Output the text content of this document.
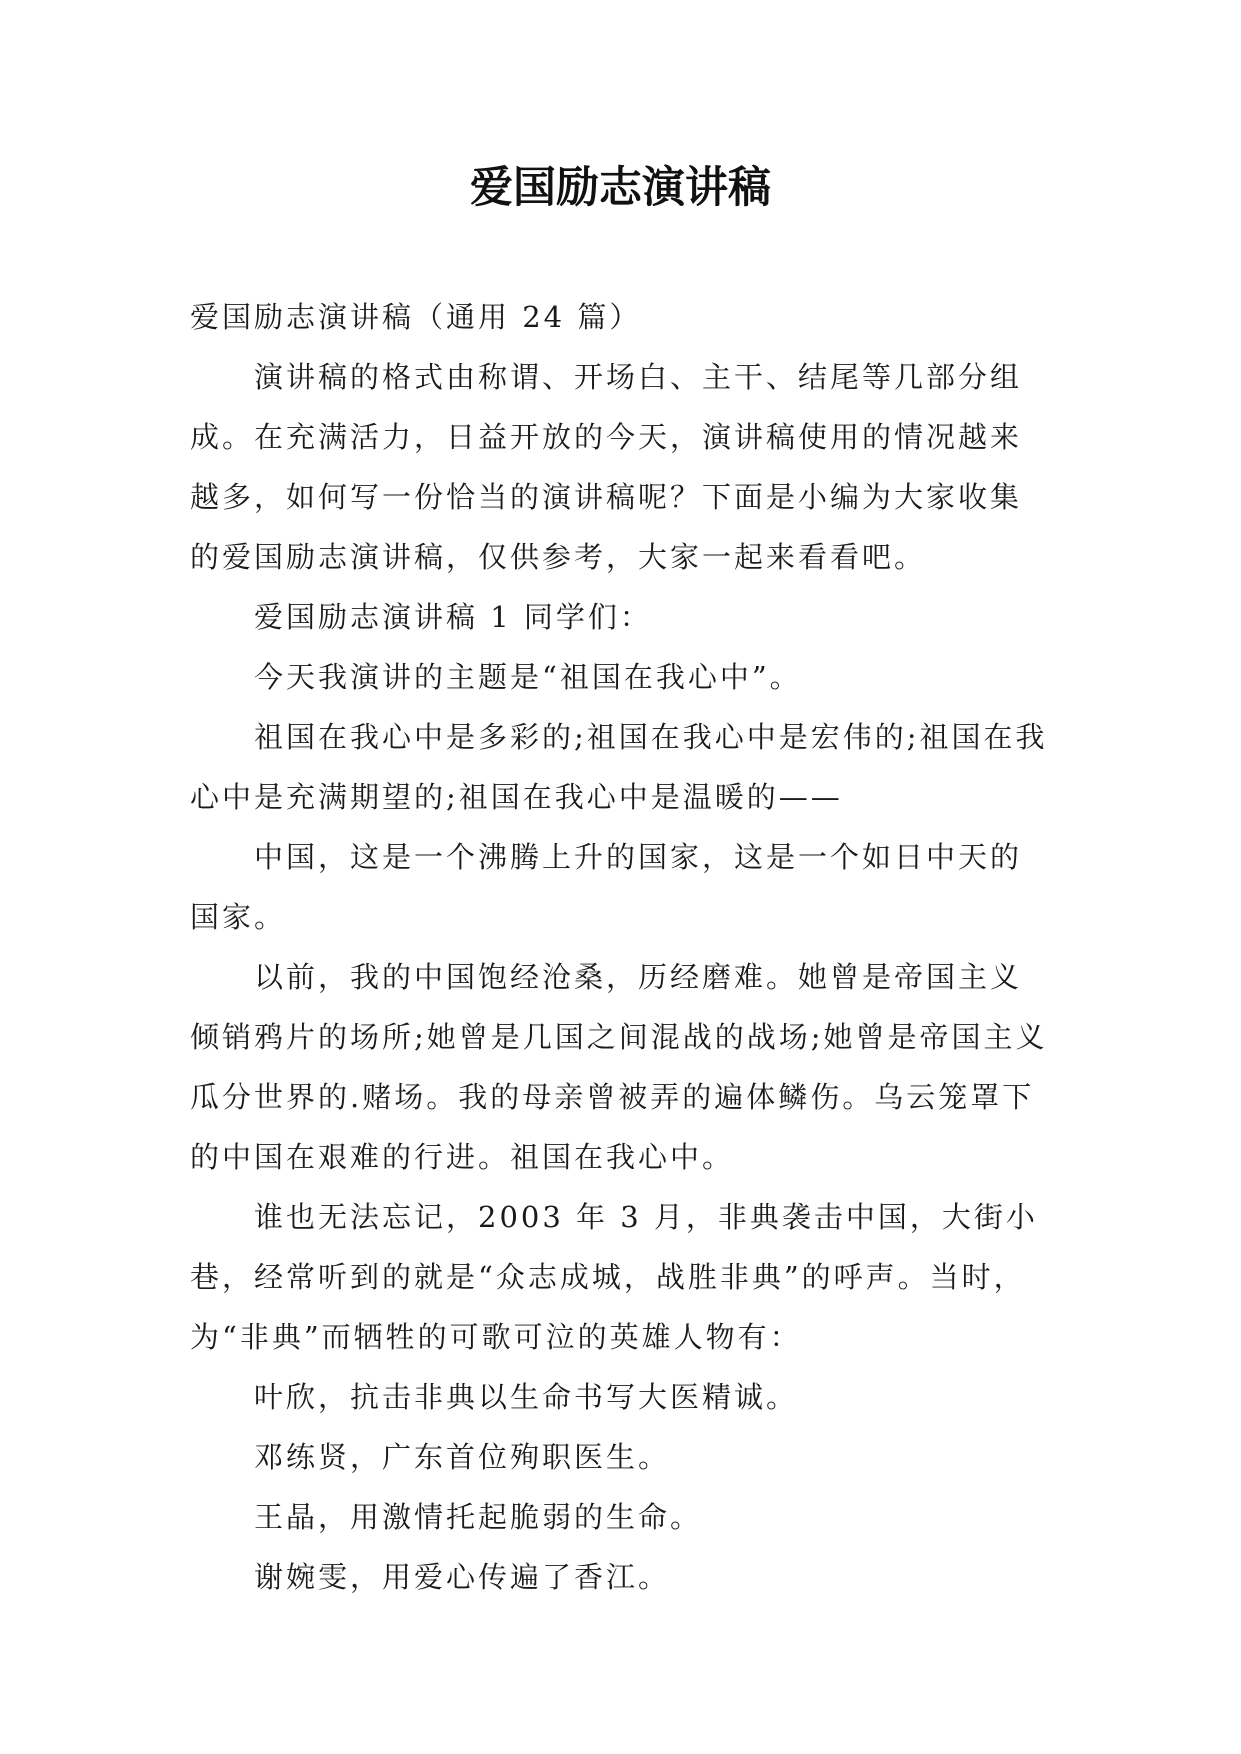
爱国励志演讲稿

爱国励志演讲稿（通用 24 篇）

演讲稿的格式由称谓、开场白、主干、结尾等几部分组成。在充满活力，日益开放的今天，演讲稿使用的情况越来越多，如何写一份恰当的演讲稿呢？下面是小编为大家收集的爱国励志演讲稿，仅供参考，大家一起来看看吧。

爱国励志演讲稿 1 同学们：

今天我演讲的主题是“祖国在我心中”。

祖国在我心中是多彩的;祖国在我心中是宏伟的;祖国在我心中是充满期望的;祖国在我心中是温暖的——

中国，这是一个沸腾上升的国家，这是一个如日中天的国家。

以前，我的中国饱经沧桑，历经磨难。她曾是帝国主义倾销鸦片的场所;她曾是几国之间混战的战场;她曾是帝国主义瓜分世界的.赌场。我的母亲曾被弄的遍体鳞伤。乌云笼罩下的中国在艰难的行进。祖国在我心中。

谁也无法忘记，2003 年 3 月，非典袭击中国，大街小巷，经常听到的就是“众志成城，战胜非典”的呼声。当时，为“非典”而牺牲的可歌可泣的英雄人物有：

叶欣，抗击非典以生命书写大医精诚。

邓练贤，广东首位殉职医生。

王晶，用激情托起脆弱的生命。

谢婉雯，用爱心传遍了香江。
